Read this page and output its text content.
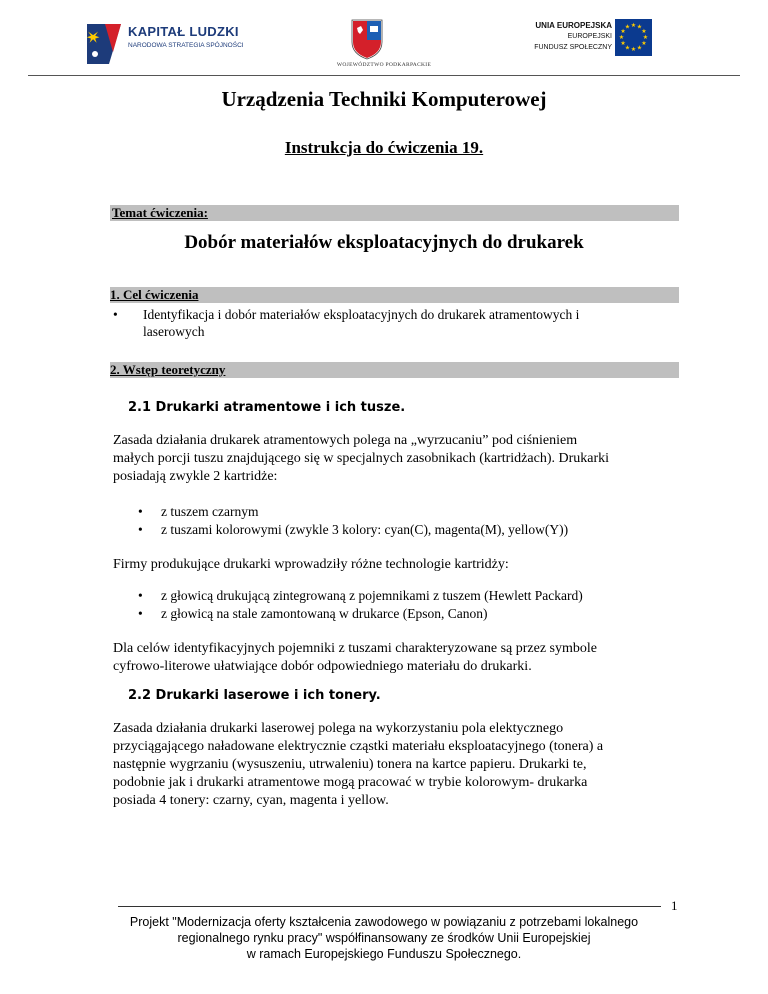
KAPITAŁ LUDZKI
NARODOWA STRATEGIA SPÓJNOŚCI
WOJEWÓDZTWO PODKARPACKIE
UNIA EUROPEJSKA
EUROPEJSKI
FUNDUSZ SPOŁECZNY
★ ★
★
★
★
★
★
★
★
★
★
★
Urządzenia Techniki Komputerowej
Instrukcja do ćwiczenia 19.
Temat ćwiczenia:
Dobór materiałów eksploatacyjnych do drukarek
1. Cel ćwiczenia
•	Identyfikacja i dobór materiałów eksploatacyjnych do drukarek atramentowych i
laserowych
2. Wstęp teoretyczny
2.1 Drukarki atramentowe i ich tusze.
Zasada działania drukarek atramentowych polega na „wyrzucaniu” pod ciśnieniem
małych porcji tuszu znajdującego się w specjalnych zasobnikach (kartridżach). Drukarki
posiadają zwykle 2 kartridże:
•	z tuszem czarnym
•	z tuszami kolorowymi (zwykle 3 kolory: cyan(C), magenta(M), yellow(Y))
Firmy produkujące drukarki wprowadziły różne technologie kartridży:
•	z głowicą drukującą zintegrowaną z pojemnikami z tuszem (Hewlett Packard)
•	z głowicą na stale zamontowaną w drukarce (Epson, Canon)
Dla celów identyfikacyjnych pojemniki z tuszami charakteryzowane są przez symbole
cyfrowo-literowe ułatwiające dobór odpowiedniego materiału do drukarki.
2.2 Drukarki laserowe i ich tonery.
Zasada działania drukarki laserowej polega na wykorzystaniu pola elektycznego
przyciągającego naładowane elektrycznie cząstki materiału eksploatacyjnego (tonera) a
następnie wygrzaniu (wysuszeniu, utrwaleniu) tonera na kartce papieru. Drukarki te,
podobnie jak i drukarki atramentowe mogą pracować w trybie kolorowym- drukarka
posiada 4 tonery: czarny, cyan, magenta i yellow.
1
Projekt "Modernizacja oferty kształcenia zawodowego w powiązaniu z potrzebami lokalnego
regionalnego rynku pracy" współfinansowany ze środków Unii Europejskiej
w ramach Europejskiego Funduszu Społecznego.
